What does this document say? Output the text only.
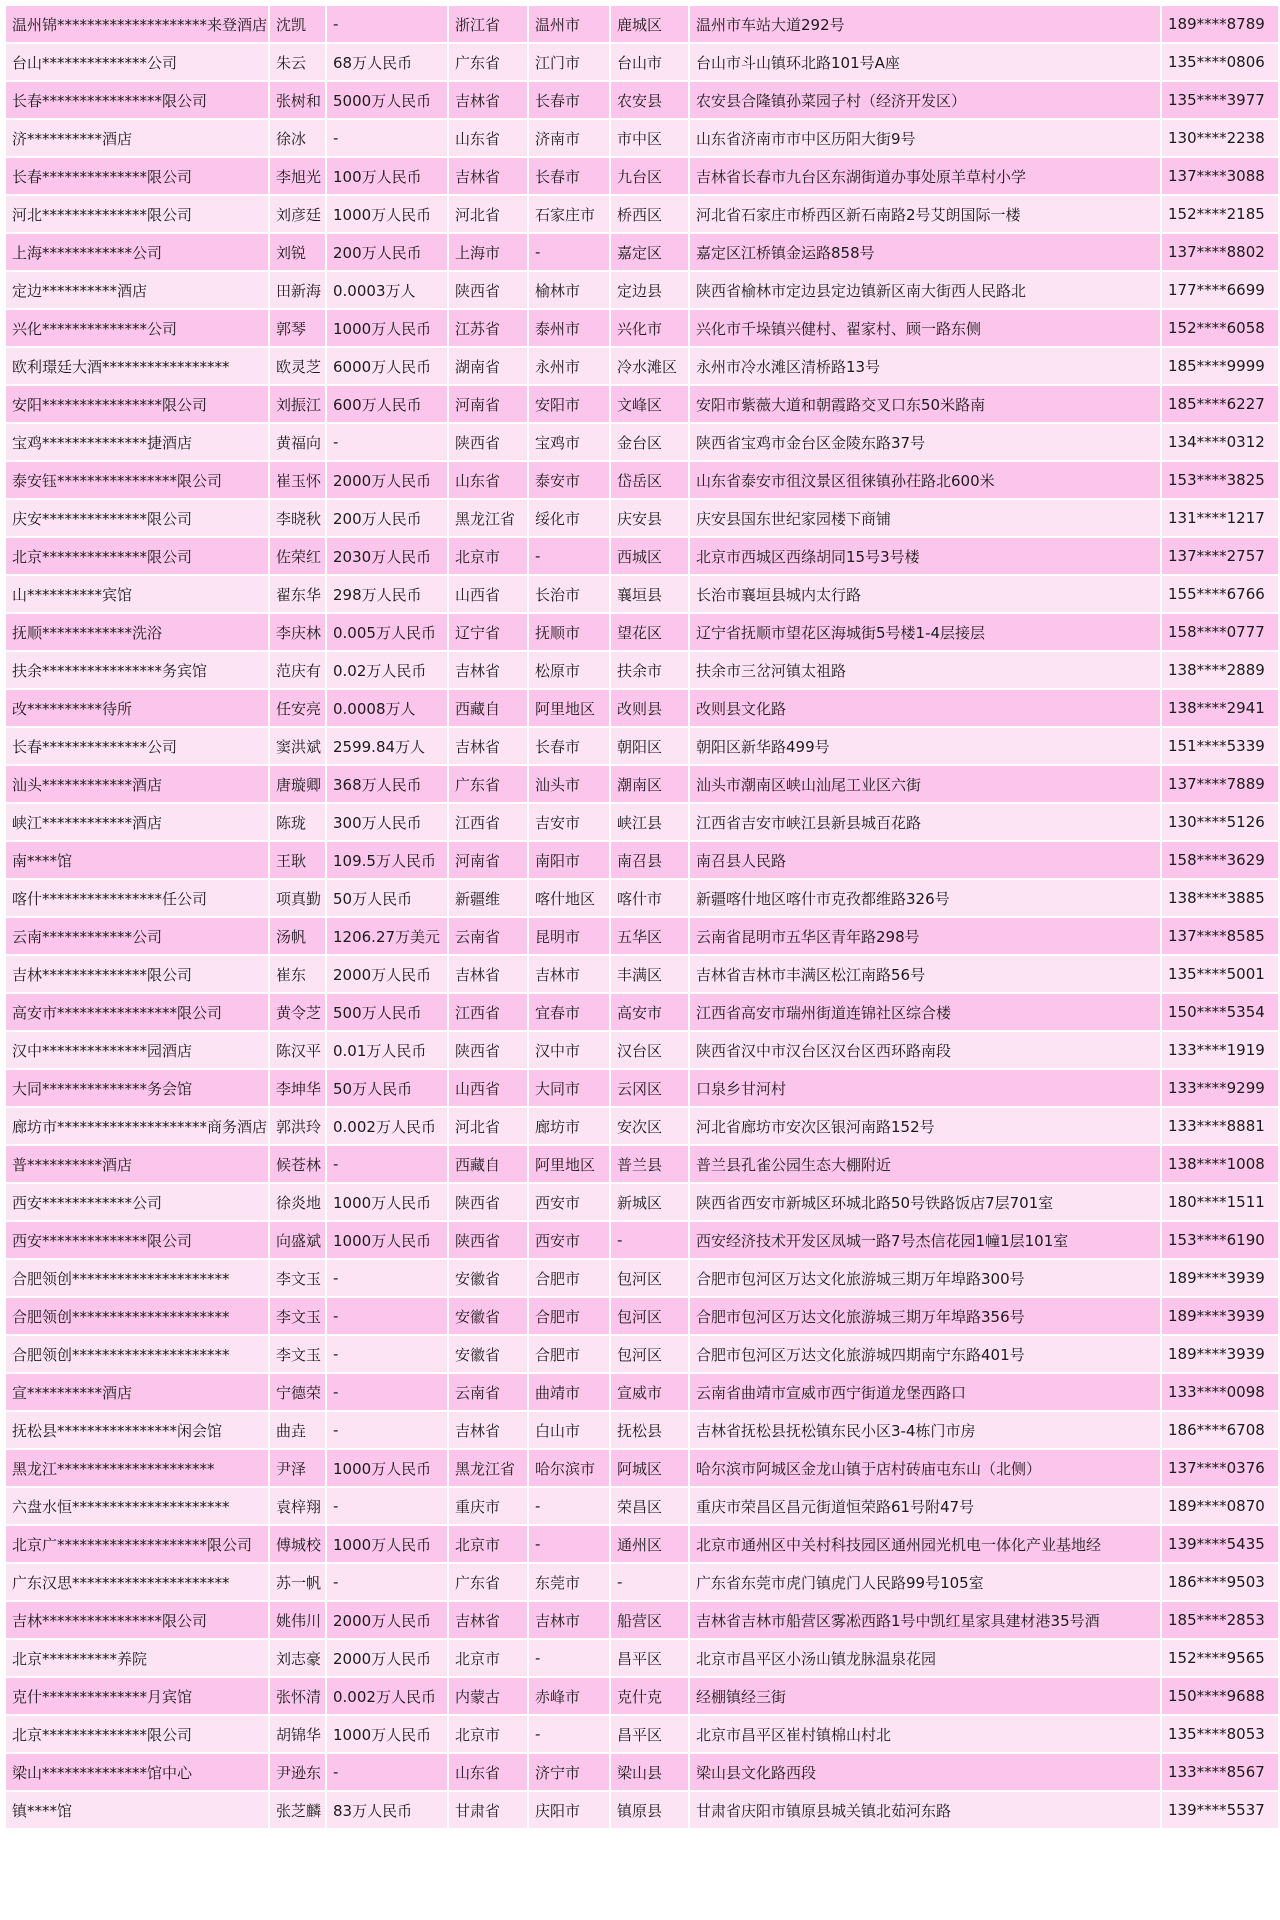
温州锦********************来登酒店	沈凯	-	浙江省	温州市	鹿城区	温州市车站大道292号	189****8789
台山**************公司	朱云	68万人民币	广东省	江门市	台山市	台山市斗山镇环北路101号A座	135****0806
长春****************限公司	张树和	5000万人民币	吉林省	长春市	农安县	农安县合隆镇孙菜园子村（经济开发区）	135****3977
济**********酒店	徐冰	-	山东省	济南市	市中区	山东省济南市市中区历阳大街9号	130****2238
长春**************限公司	李旭光	100万人民币	吉林省	长春市	九台区	吉林省长春市九台区东湖街道办事处原羊草村小学	137****3088
河北**************限公司	刘彦廷	1000万人民币	河北省	石家庄市	桥西区	河北省石家庄市桥西区新石南路2号艾朗国际一楼	152****2185
上海************公司	刘锐	200万人民币	上海市	-	嘉定区	嘉定区江桥镇金运路858号	137****8802
定边**********酒店	田新海	0.0003万人	陕西省	榆林市	定边县	陕西省榆林市定边县定边镇新区南大街西人民路北	177****6699
兴化**************公司	郭琴	1000万人民币	江苏省	泰州市	兴化市	兴化市千垛镇兴健村、翟家村、顾一路东侧	152****6058
欧利璟廷大酒*****************	欧灵芝	6000万人民币	湖南省	永州市	冷水滩区	永州市冷水滩区清桥路13号	185****9999
安阳****************限公司	刘振江	600万人民币	河南省	安阳市	文峰区	安阳市紫薇大道和朝霞路交叉口东50米路南	185****6227
宝鸡**************捷酒店	黄福向	-	陕西省	宝鸡市	金台区	陕西省宝鸡市金台区金陵东路37号	134****0312
泰安钰****************限公司	崔玉怀	2000万人民币	山东省	泰安市	岱岳区	山东省泰安市徂汶景区徂徕镇孙茌路北600米	153****3825
庆安**************限公司	李晓秋	200万人民币	黑龙江省	绥化市	庆安县	庆安县国东世纪家园楼下商铺	131****1217
北京**************限公司	佐荣红	2030万人民币	北京市	-	西城区	北京市西城区西绦胡同15号3号楼	137****2757
山**********宾馆	翟东华	298万人民币	山西省	长治市	襄垣县	长治市襄垣县城内太行路	155****6766
抚顺************洗浴	李庆林	0.005万人民币	辽宁省	抚顺市	望花区	辽宁省抚顺市望花区海城街5号楼1-4层接层	158****0777
扶余****************务宾馆	范庆有	0.02万人民币	吉林省	松原市	扶余市	扶余市三岔河镇太祖路	138****2889
改**********待所	任安亮	0.0008万人	西藏自	阿里地区	改则县	改则县文化路	138****2941
长春**************公司	窦洪斌	2599.84万人	吉林省	长春市	朝阳区	朝阳区新华路499号	151****5339
汕头************酒店	唐璇卿	368万人民币	广东省	汕头市	潮南区	汕头市潮南区峡山汕尾工业区六街	137****7889
峡江************酒店	陈珑	300万人民币	江西省	吉安市	峡江县	江西省吉安市峡江县新县城百花路	130****5126
南****馆	王耿	109.5万人民币	河南省	南阳市	南召县	南召县人民路	158****3629
喀什****************任公司	项真勤	50万人民币	新疆维	喀什地区	喀什市	新疆喀什地区喀什市克孜都维路326号	138****3885
云南************公司	汤帆	1206.27万美元	云南省	昆明市	五华区	云南省昆明市五华区青年路298号	137****8585
吉林**************限公司	崔东	2000万人民币	吉林省	吉林市	丰满区	吉林省吉林市丰满区松江南路56号	135****5001
高安市****************限公司	黄令芝	500万人民币	江西省	宜春市	高安市	江西省高安市瑞州街道连锦社区综合楼	150****5354
汉中**************园酒店	陈汉平	0.01万人民币	陕西省	汉中市	汉台区	陕西省汉中市汉台区汉台区西环路南段	133****1919
大同**************务会馆	李坤华	50万人民币	山西省	大同市	云冈区	口泉乡甘河村	133****9299
廊坊市********************商务酒店	郭洪玲	0.002万人民币	河北省	廊坊市	安次区	河北省廊坊市安次区银河南路152号	133****8881
普**********酒店	候苍林	-	西藏自	阿里地区	普兰县	普兰县孔雀公园生态大棚附近	138****1008
西安************公司	徐炎地	1000万人民币	陕西省	西安市	新城区	陕西省西安市新城区环城北路50号铁路饭店7层701室	180****1511
西安**************限公司	向盛斌	1000万人民币	陕西省	西安市	-	西安经济技术开发区凤城一路7号杰信花园1幢1层101室	153****6190
合肥领创*********************	李文玉	-	安徽省	合肥市	包河区	合肥市包河区万达文化旅游城三期万年埠路300号	189****3939
合肥领创*********************	李文玉	-	安徽省	合肥市	包河区	合肥市包河区万达文化旅游城三期万年埠路356号	189****3939
合肥领创*********************	李文玉	-	安徽省	合肥市	包河区	合肥市包河区万达文化旅游城四期南宁东路401号	189****3939
宣**********酒店	宁德荣	-	云南省	曲靖市	宣威市	云南省曲靖市宣威市西宁街道龙堡西路口	133****0098
抚松县****************闲会馆	曲垚	-	吉林省	白山市	抚松县	吉林省抚松县抚松镇东民小区3-4栋门市房	186****6708
黑龙江*********************	尹泽	1000万人民币	黑龙江省	哈尔滨市	阿城区	哈尔滨市阿城区金龙山镇于店村砖庙屯东山（北侧）	137****0376
六盘水恒*********************	袁梓翔	-	重庆市	-	荣昌区	重庆市荣昌区昌元街道恒荣路61号附47号	189****0870
北京广********************限公司	傅城校	1000万人民币	北京市	-	通州区	北京市通州区中关村科技园区通州园光机电一体化产业基地经	139****5435
广东汉思*********************	苏一帆	-	广东省	东莞市	-	广东省东莞市虎门镇虎门人民路99号105室	186****9503
吉林****************限公司	姚伟川	2000万人民币	吉林省	吉林市	船营区	吉林省吉林市船营区雾凇西路1号中凯红星家具建材港35号酒	185****2853
北京**********养院	刘志豪	2000万人民币	北京市	-	昌平区	北京市昌平区小汤山镇龙脉温泉花园	152****9565
克什**************月宾馆	张怀清	0.002万人民币	内蒙古	赤峰市	克什克	经棚镇经三街	150****9688
北京**************限公司	胡锦华	1000万人民币	北京市	-	昌平区	北京市昌平区崔村镇棉山村北	135****8053
梁山**************馆中心	尹逊东	-	山东省	济宁市	梁山县	梁山县文化路西段	133****8567
镇****馆	张芝麟	83万人民币	甘肃省	庆阳市	镇原县	甘肃省庆阳市镇原县城关镇北茹河东路	139****5537
